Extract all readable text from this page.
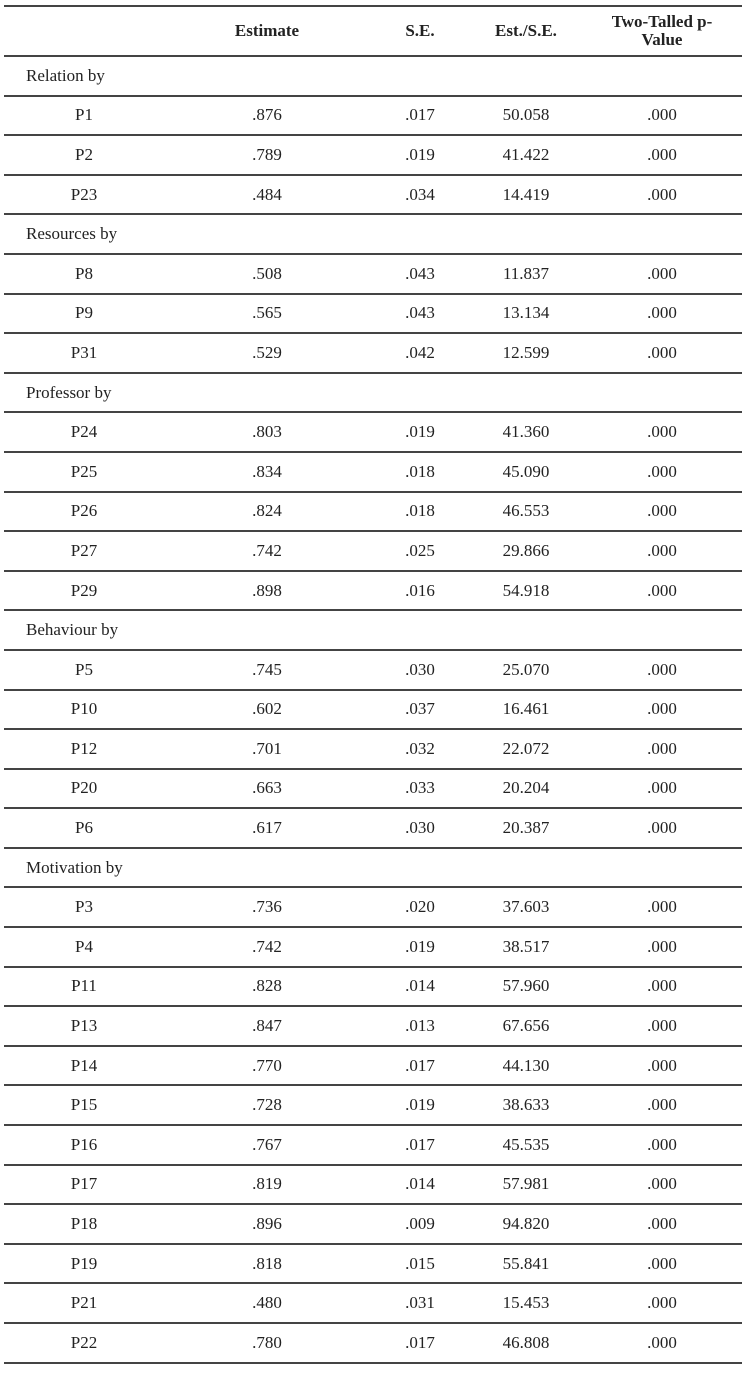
	Estimate	S.E.	Est./S.E.	Two-Talled p-Value
Relation by				
P1	.876	.017	50.058	.000
P2	.789	.019	41.422	.000
P23	.484	.034	14.419	.000
Resources by				
P8	.508	.043	11.837	.000
P9	.565	.043	13.134	.000
P31	.529	.042	12.599	.000
Professor by				
P24	.803	.019	41.360	.000
P25	.834	.018	45.090	.000
P26	.824	.018	46.553	.000
P27	.742	.025	29.866	.000
P29	.898	.016	54.918	.000
Behaviour by				
P5	.745	.030	25.070	.000
P10	.602	.037	16.461	.000
P12	.701	.032	22.072	.000
P20	.663	.033	20.204	.000
P6	.617	.030	20.387	.000
Motivation by				
P3	.736	.020	37.603	.000
P4	.742	.019	38.517	.000
P11	.828	.014	57.960	.000
P13	.847	.013	67.656	.000
P14	.770	.017	44.130	.000
P15	.728	.019	38.633	.000
P16	.767	.017	45.535	.000
P17	.819	.014	57.981	.000
P18	.896	.009	94.820	.000
P19	.818	.015	55.841	.000
P21	.480	.031	15.453	.000
P22	.780	.017	46.808	.000
